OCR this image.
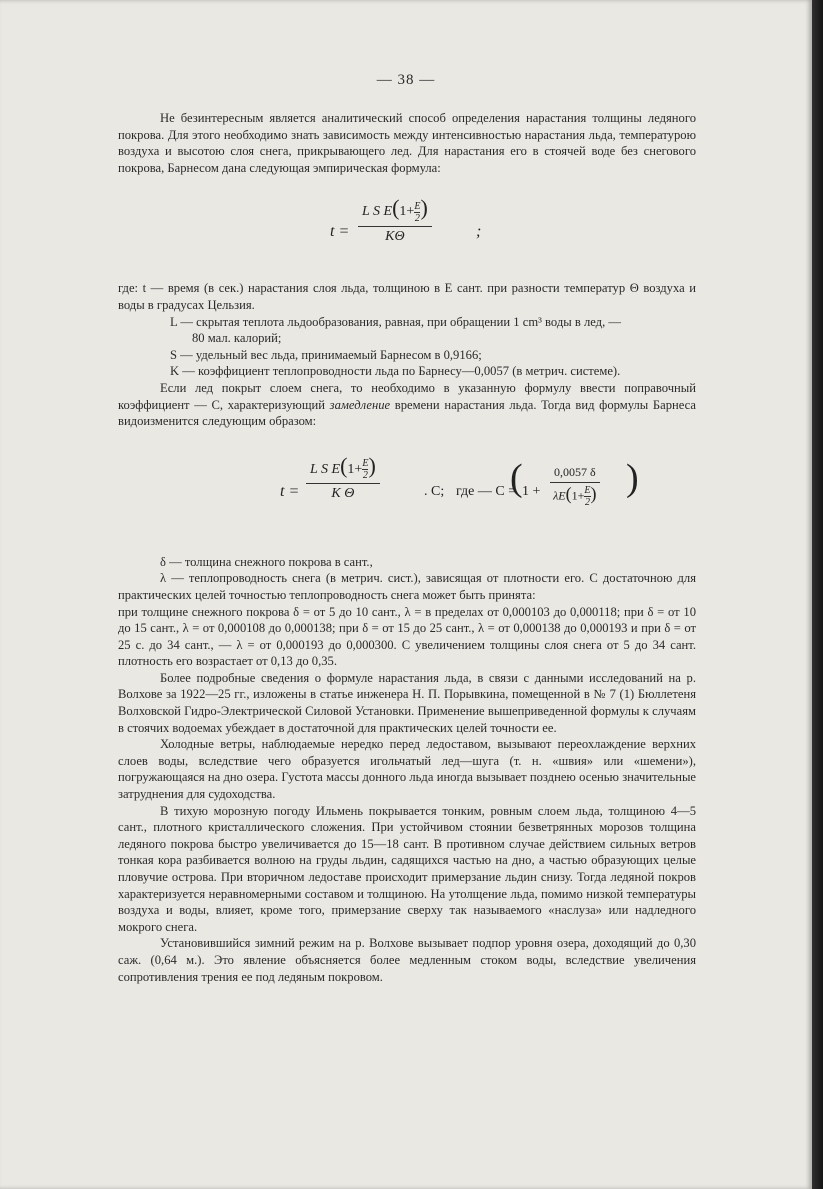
— 38 —

Не безинтересным является аналитический способ определения нарастания толщины ледяного покрова. Для этого необходимо знать зависимость между интенсивностью нарастания льда, температурою воздуха и высотою слоя снега, прикрывающего лед. Для нарастания его в стоячей воде без снегового покрова, Барнесом дана следующая эмпирическая формула:

$t = \frac{L S E(1+ \frac{E}{2} )}{K\Theta}$	;

где: t — время (в сек.) нарастания слоя льда, толщиною в E сант. при разности температур Θ воздуха и воды в градусах Цельзия.

L — скрытая теплота льдообразования, равная, при обращении 1 cm³ воды в лед, —
80 мал. калорий;

S — удельный вес льда, принимаемый Барнесом в 0,9166;

K — коэффициент теплопроводности льда по Барнесу—0,0057 (в метрич. системе).

Если лед покрыт слоем снега, то необходимо в указанную формулу ввести поправочный коэффициент — C, характеризующий замедление времени нарастания льда. Тогда вид формулы Барнеса видоизменится следующим образом:

$t = \frac{L S E(1+ \frac{E}{2} )}{\text{K Θ}}$	. C; где — C =
( $1 + \frac{0,0057 \delta}{\lambda E(1+ \frac{E}{2} )}$ )

δ — толщина снежного покрова в сант.,

λ — теплопроводность снега (в метрич. сист.), зависящая от плотности его. С достаточною для практических целей точностью теплопроводность снега может быть принята:

при толщине снежного покрова δ = от 5 до 10 сант., λ = в пределах от 0,000103 до 0,000118; при δ = от 10 до 15 сант., λ = от 0,000108 до 0,000138; при δ = от 15 до 25 сант., λ = от 0,000138 до 0,000193 и при δ = от 25 с. до 34 сант., — λ = от 0,000193 до 0,000300. С увеличением толщины слоя снега от 5 до 34 сант. плотность его возрастает от 0,13 до 0,35.

Более подробные сведения о формуле нарастания льда, в связи с данными исследований на р. Волхове за 1922—25 гг., изложены в статье инженера Н. П. Порывкина, помещенной в № 7 (1) Бюллетеня Волховской Гидро-Электрической Силовой Установки. Применение вышеприведенной формулы к случаям в стоячих водоемах убеждает в достаточной для практических целей точности ее.

Холодные ветры, наблюдаемые нередко перед ледоставом, вызывают переохлаждение верхних слоев воды, вследствие чего образуется игольчатый лед—шуга (т. н. «швия» или «шемени»), погружающаяся на дно озера. Густота массы донного льда иногда вызывает позднею осенью значительные затруднения для судоходства.

В тихую морозную погоду Ильмень покрывается тонким, ровным слоем льда, толщиною 4—5 сант., плотного кристаллического сложения. При устойчивом стоянии безветрянных морозов толщина ледяного покрова быстро увеличивается до 15—18 сант. В противном случае действием сильных ветров тонкая кора разбивается волною на груды льдин, садящихся частью на дно, а частью образующих целые пловучие острова. При вторичном ледоставе происходит примерзание льдин снизу. Тогда ледяной покров характеризуется неравномерными составом и толщиною. На утолщение льда, помимо низкой температуры воздуха и воды, влияет, кроме того, примерзание сверху так называемого «наслуза» или надледного мокрого снега.

Установившийся зимний режим на р. Волхове вызывает подпор уровня озера, доходящий до 0,30 саж. (0,64 м.). Это явление объясняется более медленным стоком воды, вследствие увеличения сопротивления трения ее под ледяным покровом.
